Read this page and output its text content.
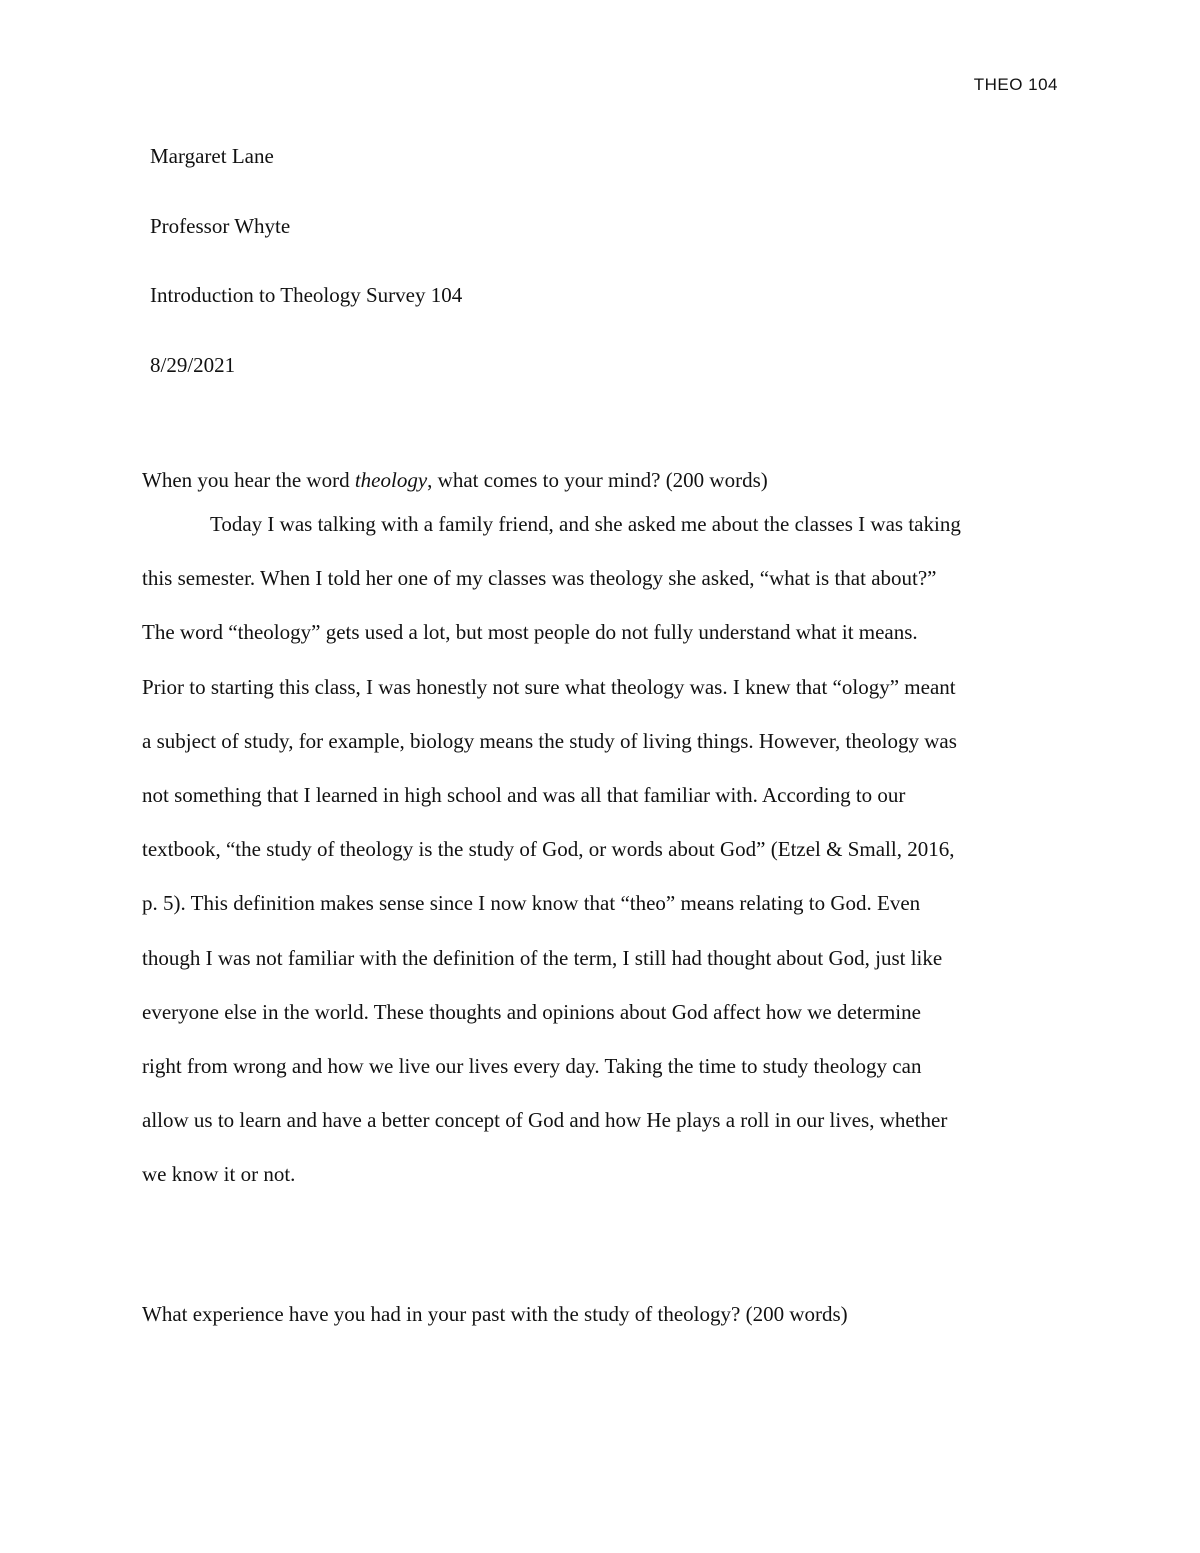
THEO 104
Margaret Lane
Professor Whyte
Introduction to Theology Survey 104
8/29/2021
When you hear the word theology, what comes to your mind? (200 words)
Today I was talking with a family friend, and she asked me about the classes I was taking
this semester. When I told her one of my classes was theology she asked, “what is that about?”
The word “theology” gets used a lot, but most people do not fully understand what it means.
Prior to starting this class, I was honestly not sure what theology was. I knew that “ology” meant
a subject of study, for example, biology means the study of living things. However, theology was
not something that I learned in high school and was all that familiar with. According to our
textbook, “the study of theology is the study of God, or words about God” (Etzel & Small, 2016,
p. 5). This definition makes sense since I now know that “theo” means relating to God. Even
though I was not familiar with the definition of the term, I still had thought about God, just like
everyone else in the world. These thoughts and opinions about God affect how we determine
right from wrong and how we live our lives every day. Taking the time to study theology can
allow us to learn and have a better concept of God and how He plays a roll in our lives, whether
we know it or not.
What experience have you had in your past with the study of theology? (200 words)
